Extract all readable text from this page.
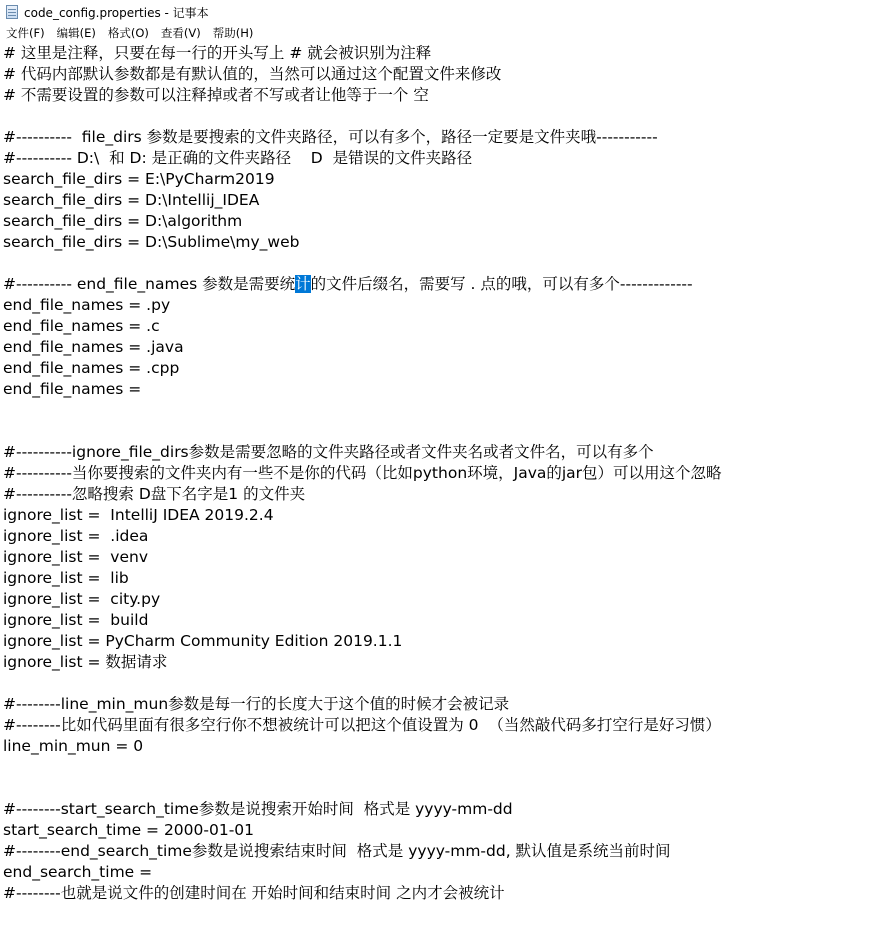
code_config.properties - 记事本
文件(F)	编辑(E)	格式(O)	查看(V)	帮助(H)
# 这里是注释，只要在每一行的开头写上 # 就会被识别为注释
# 代码内部默认参数都是有默认值的，当然可以通过这个配置文件来修改
# 不需要设置的参数可以注释掉或者不写或者让他等于一个 空
#----------  file_dirs 参数是要搜索的文件夹路径，可以有多个，路径一定要是文件夹哦-----------
#---------- D:\  和 D: 是正确的文件夹路径    D  是错误的文件夹路径
search_file_dirs = E:\PyCharm2019
search_file_dirs = D:\Intellij_IDEA
search_file_dirs = D:\algorithm
search_file_dirs = D:\Sublime\my_web
#---------- end_file_names 参数是需要统计的文件后缀名，需要写 . 点的哦，可以有多个-------------
end_file_names = .py
end_file_names = .c
end_file_names = .java
end_file_names = .cpp
end_file_names =
#----------ignore_file_dirs参数是需要忽略的文件夹路径或者文件夹名或者文件名，可以有多个
#----------当你要搜索的文件夹内有一些不是你的代码（比如python环境，Java的jar包）可以用这个忽略
#----------忽略搜索 D盘下名字是1 的文件夹
ignore_list =  IntelliJ IDEA 2019.2.4
ignore_list =  .idea
ignore_list =  venv
ignore_list =  lib
ignore_list =  city.py
ignore_list =  build
ignore_list = PyCharm Community Edition 2019.1.1
ignore_list = 数据请求
#--------line_min_mun参数是每一行的长度大于这个值的时候才会被记录
#--------比如代码里面有很多空行你不想被统计可以把这个值设置为 0  （当然敲代码多打空行是好习惯）
line_min_mun = 0
#--------start_search_time参数是说搜索开始时间  格式是 yyyy-mm-dd
start_search_time = 2000-01-01
#--------end_search_time参数是说搜索结束时间  格式是 yyyy-mm-dd, 默认值是系统当前时间
end_search_time =
#--------也就是说文件的创建时间在 开始时间和结束时间 之内才会被统计
